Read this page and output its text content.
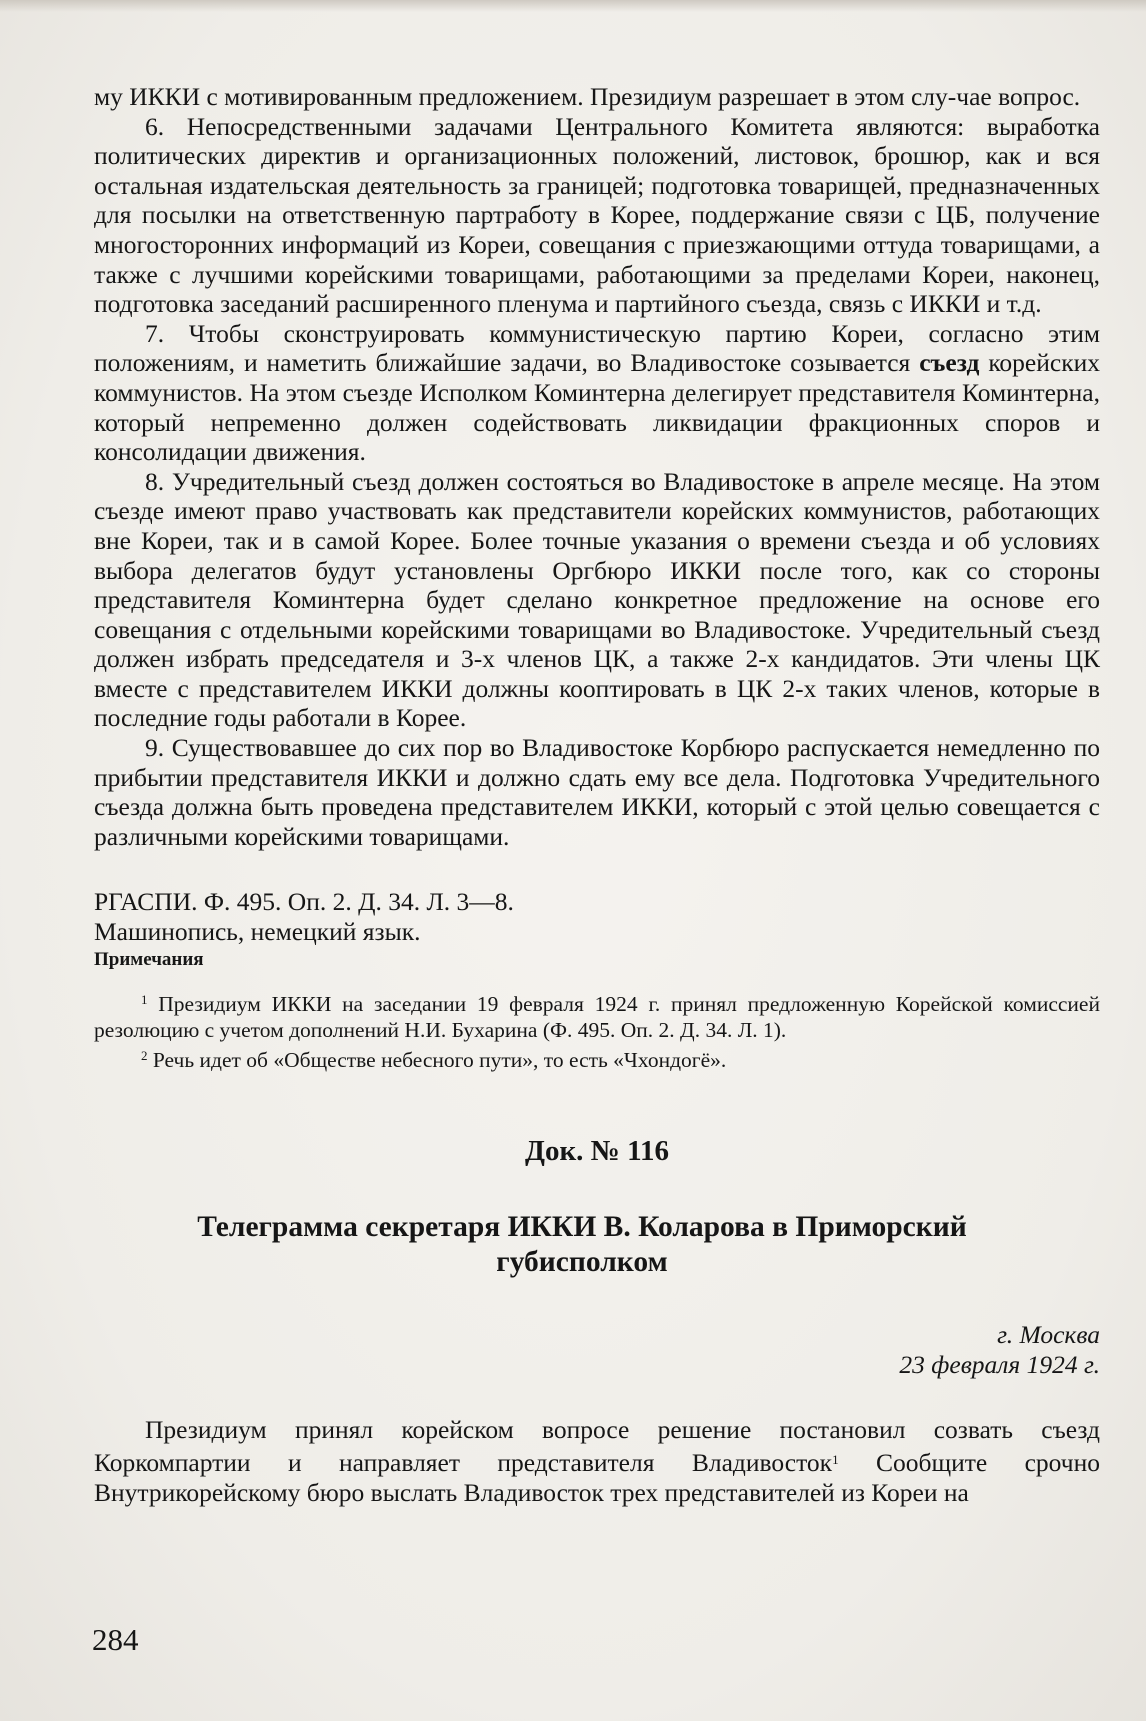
му ИККИ с мотивированным предложением. Президиум разрешает в этом слу-чае вопрос.

6. Непосредственными задачами Центрального Комитета являются: выработка политических директив и организационных положений, листовок, брошюр, как и вся остальная издательская деятельность за границей; подготовка товарищей, предназначенных для посылки на ответственную партработу в Корее, поддержание связи с ЦБ, получение многосторонних информаций из Кореи, совещания с приезжающими оттуда товарищами, а также с лучшими корейскими товарищами, работающими за пределами Кореи, наконец, подготовка заседаний расширенного пленума и партийного съезда, связь с ИККИ и т.д.

7. Чтобы сконструировать коммунистическую партию Кореи, согласно этим положениям, и наметить ближайшие задачи, во Владивостоке созывается съезд корейских коммунистов. На этом съезде Исполком Коминтерна делегирует представителя Коминтерна, который непременно должен содействовать ликвидации фракционных споров и консолидации движения.

8. Учредительный съезд должен состояться во Владивостоке в апреле месяце. На этом съезде имеют право участвовать как представители корейских коммунистов, работающих вне Кореи, так и в самой Корее. Более точные указания о времени съезда и об условиях выбора делегатов будут установлены Оргбюро ИККИ после того, как со стороны представителя Коминтерна будет сделано конкретное предложение на основе его совещания с отдельными корейскими товарищами во Владивостоке. Учредительный съезд должен избрать председателя и 3-х членов ЦК, а также 2-х кандидатов. Эти члены ЦК вместе с представителем ИККИ должны кооптировать в ЦК 2-х таких членов, которые в последние годы работали в Корее.

9. Существовавшее до сих пор во Владивостоке Корбюро распускается немедленно по прибытии представителя ИККИ и должно сдать ему все дела. Подготовка Учредительного съезда должна быть проведена представителем ИККИ, который с этой целью совещается с различными корейскими товарищами.

РГАСПИ. Ф. 495. Оп. 2. Д. 34. Л. 3—8.
Машинопись, немецкий язык.

Примечания

$^1$ Президиум ИККИ на заседании 19 февраля 1924 г. принял предложенную Корейской комиссией резолюцию с учетом дополнений Н.И. Бухарина (Ф. 495. Оп. 2. Д. 34. Л. 1).

$^2$ Речь идет об «Обществе небесного пути», то есть «Чхондогё».

Док. № 116

Телеграмма секретаря ИККИ В. Коларова в Приморский губисполком

г. Москва

23 февраля 1924 г.

Президиум принял корейском вопросе решение постановил созвать съезд Коркомпартии и направляет представителя Владивосток$^1$ Сообщите срочно Внутрикорейскому бюро выслать Владивосток трех представителей из Кореи на

284
